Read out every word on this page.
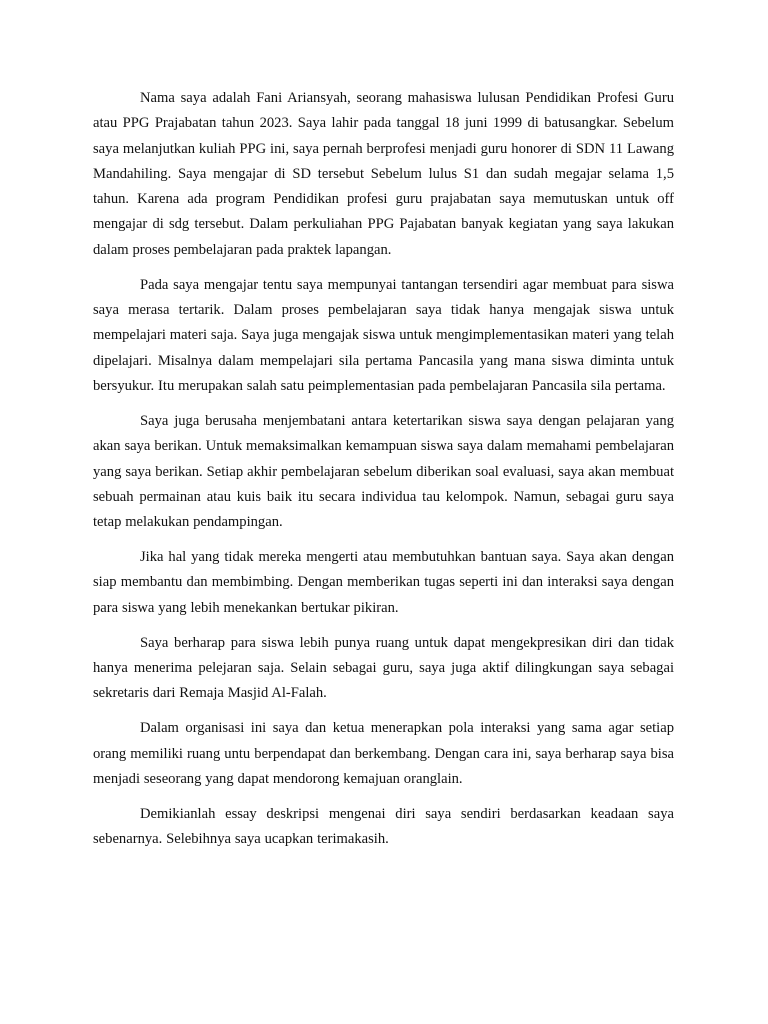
Nama saya adalah Fani Ariansyah, seorang mahasiswa lulusan Pendidikan Profesi Guru atau PPG Prajabatan tahun 2023. Saya lahir pada tanggal 18 juni 1999 di batusangkar. Sebelum saya melanjutkan kuliah PPG ini, saya pernah berprofesi menjadi guru honorer di SDN 11 Lawang Mandahiling. Saya mengajar di SD tersebut Sebelum lulus S1 dan sudah megajar selama 1,5 tahun. Karena ada program Pendidikan profesi guru prajabatan saya memutuskan untuk off mengajar di sdg tersebut. Dalam perkuliahan PPG Pajabatan banyak kegiatan yang saya lakukan dalam proses pembelajaran pada praktek lapangan.

Pada saya mengajar tentu saya mempunyai tantangan tersendiri agar membuat para siswa saya merasa tertarik. Dalam proses pembelajaran saya tidak hanya mengajak siswa untuk mempelajari materi saja. Saya juga mengajak siswa untuk mengimplementasikan materi yang telah dipelajari. Misalnya dalam mempelajari sila pertama Pancasila yang mana siswa diminta untuk bersyukur. Itu merupakan salah satu peimplementasian pada pembelajaran Pancasila sila pertama.

Saya juga berusaha menjembatani antara ketertarikan siswa saya dengan pelajaran yang akan saya berikan. Untuk memaksimalkan kemampuan siswa saya dalam memahami pembelajaran yang saya berikan. Setiap akhir pembelajaran sebelum diberikan soal evaluasi, saya akan membuat sebuah permainan atau kuis baik itu secara individua tau kelompok. Namun, sebagai guru saya tetap melakukan pendampingan.

Jika hal yang tidak mereka mengerti atau membutuhkan bantuan saya. Saya akan dengan siap membantu dan membimbing. Dengan memberikan tugas seperti ini dan interaksi saya dengan para siswa yang lebih menekankan bertukar pikiran.

Saya berharap para siswa lebih punya ruang untuk dapat mengekpresikan diri dan tidak hanya menerima pelejaran saja. Selain sebagai guru, saya juga aktif dilingkungan saya sebagai sekretaris dari Remaja Masjid Al-Falah.

Dalam organisasi ini saya dan ketua menerapkan pola interaksi yang sama agar setiap orang memiliki ruang untu berpendapat dan berkembang. Dengan cara ini, saya berharap saya bisa menjadi seseorang yang dapat mendorong kemajuan oranglain.

Demikianlah essay deskripsi mengenai diri saya sendiri berdasarkan keadaan saya sebenarnya. Selebihnya saya ucapkan terimakasih.
